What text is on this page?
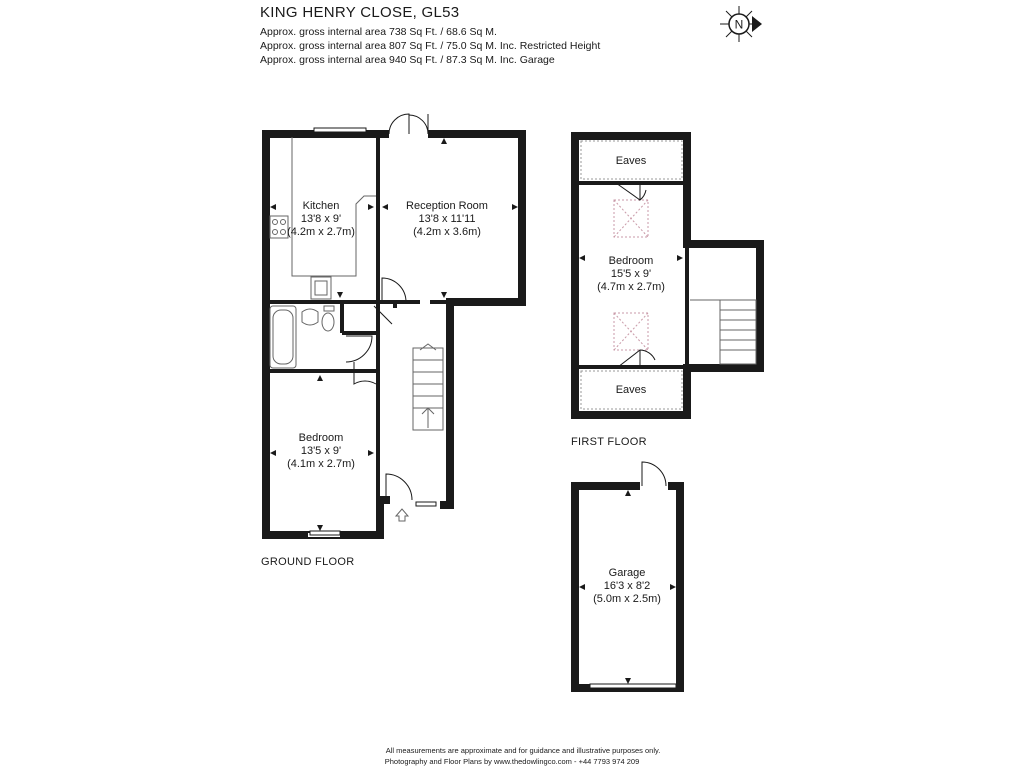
KING HENRY CLOSE, GL53

Approx. gross internal area 738 Sq Ft. / 68.6 Sq M.

Approx. gross internal area 807 Sq Ft. / 75.0 Sq M. Inc. Restricted Height

Approx. gross internal area 940 Sq Ft. / 87.3 Sq M. Inc. Garage

N
Kitchen
13'8 x 9'
(4.2m x 2.7m)
Reception Room
13'8 x 11'11
(4.2m x 3.6m)
Bedroom
13'5 x 9'
(4.1m x 2.7m)
GROUND FLOOR
Eaves
Bedroom
15'5 x 9'
(4.7m x 2.7m)
Eaves
FIRST FLOOR
Garage
16'3 x 8'2
(5.0m x 2.5m)
All measurements are approximate and for guidance and illustrative purposes only.
Photography and Floor Plans by www.thedowlingco.com - +44 7793 974 209
